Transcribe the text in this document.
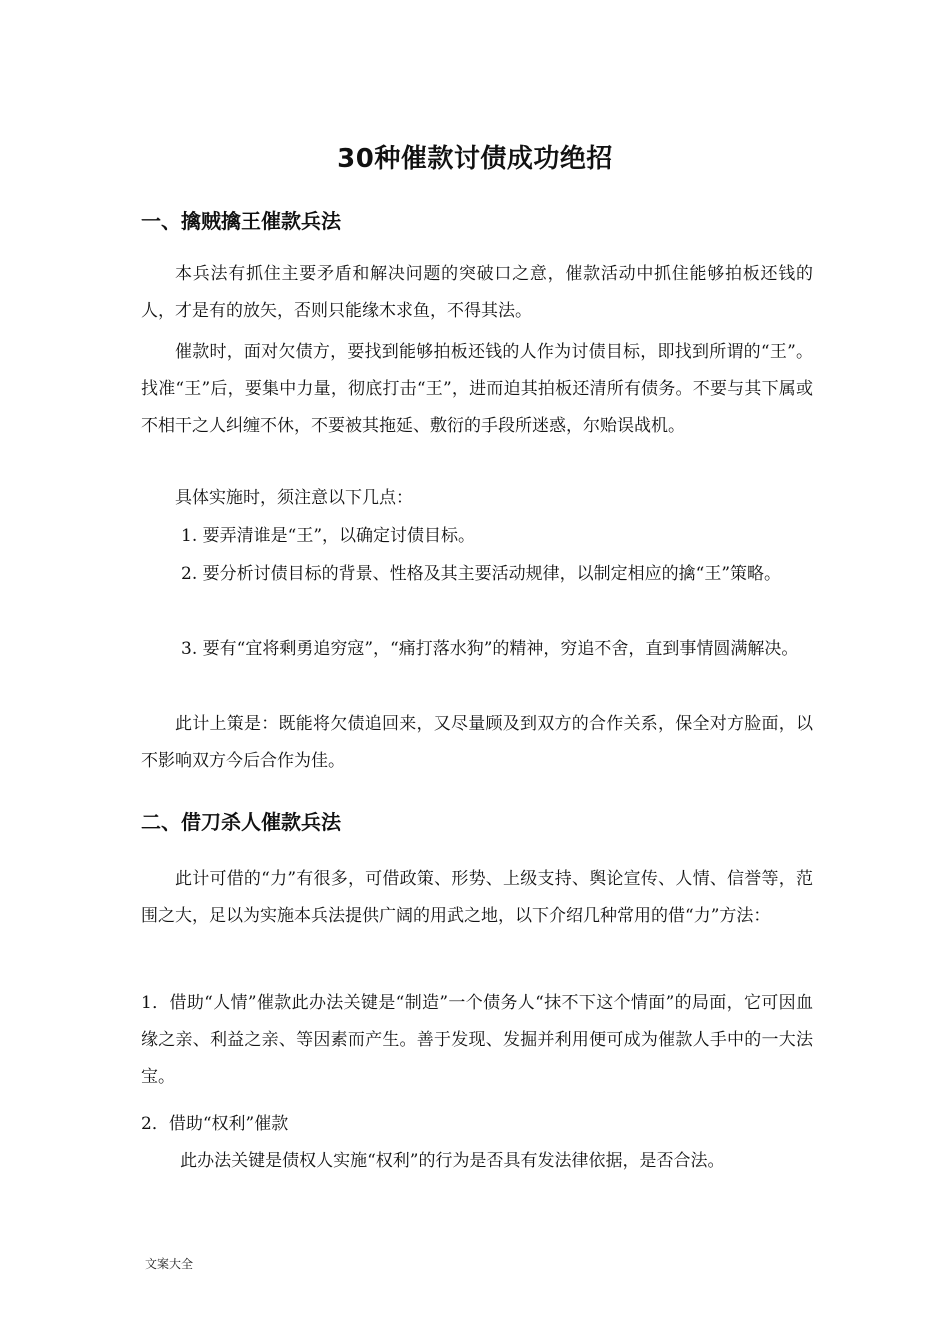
30种催款讨债成功绝招
一、擒贼擒王催款兵法

本兵法有抓住主要矛盾和解决问题的突破口之意，催款活动中抓住能够拍板还钱的人，才是有的放矢，否则只能缘木求鱼，不得其法。

催款时，面对欠债方，要找到能够拍板还钱的人作为讨债目标，即找到所谓的“王”。找准“王”后，要集中力量，彻底打击“王”，进而迫其拍板还清所有债务。不要与其下属或不相干之人纠缠不休，不要被其拖延、敷衍的手段所迷惑，尔贻误战机。

具体实施时，须注意以下几点：

1. 要弄清谁是“王”，以确定讨债目标。

2. 要分析讨债目标的背景、性格及其主要活动规律，以制定相应的擒“王”策略。

3. 要有“宜将剩勇追穷寇”，“痛打落水狗”的精神，穷追不舍，直到事情圆满解决。

此计上策是：既能将欠债追回来，又尽量顾及到双方的合作关系，保全对方脸面，以不影响双方今后合作为佳。

二、借刀杀人催款兵法

此计可借的“力”有很多，可借政策、形势、上级支持、舆论宣传、人情、信誉等，范围之大，足以为实施本兵法提供广阔的用武之地，以下介绍几种常用的借“力”方法：

1．借助“人情”催款此办法关键是“制造”一个债务人“抹不下这个情面”的局面，它可因血缘之亲、利益之亲、等因素而产生。善于发现、发掘并利用便可成为催款人手中的一大法宝。

2．借助“权利”催款

此办法关键是债权人实施“权利”的行为是否具有发法律依据，是否合法。

文案大全
